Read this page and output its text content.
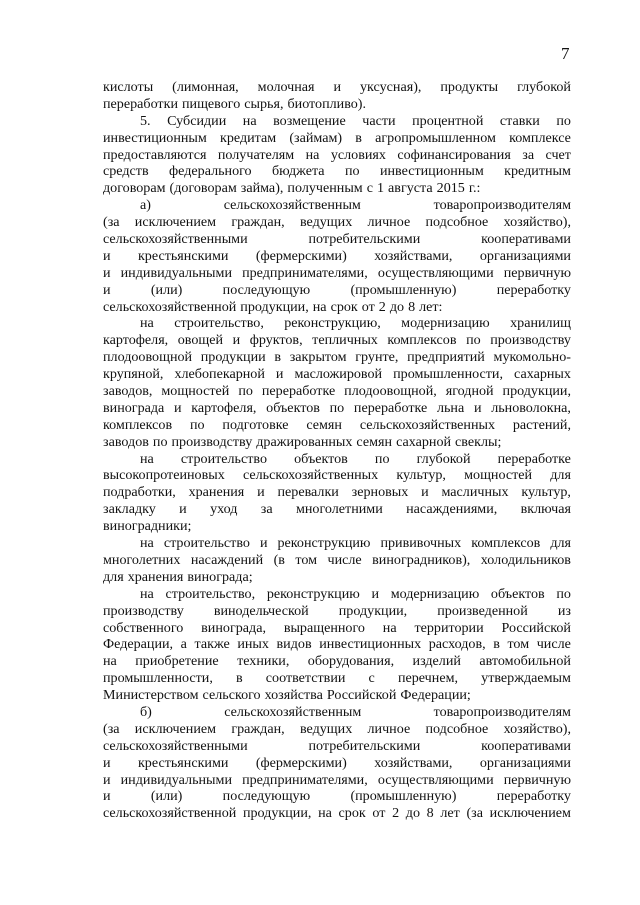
7
кислоты (лимонная, молочная и уксусная), продукты глубокой
переработки пищевого сырья, биотопливо).
5. Субсидии на возмещение части процентной ставки по
инвестиционным кредитам (займам) в агропромышленном комплексе
предоставляются получателям на условиях софинансирования за счет
средств федерального бюджета по инвестиционным кредитным
договорам (договорам займа), полученным с 1 августа 2015 г.:
а)	сельскохозяйственным	товаропроизводителям
(за исключением граждан, ведущих личное подсобное хозяйство),
сельскохозяйственными	потребительскими	кооперативами
и крестьянскими (фермерскими) хозяйствами, организациями
и индивидуальными предпринимателями, осуществляющими первичную
и	(или)	последующую	(промышленную)	переработку
сельскохозяйственной продукции, на срок от 2 до 8 лет:
на строительство, реконструкцию, модернизацию хранилищ
картофеля, овощей и фруктов, тепличных комплексов по производству
плодоовощной продукции в закрытом грунте, предприятий мукомольно-
крупяной, хлебопекарной и масложировой промышленности, сахарных
заводов, мощностей по переработке плодоовощной, ягодной продукции,
винограда и картофеля, объектов по переработке льна и льноволокна,
комплексов по подготовке семян сельскохозяйственных растений,
заводов по производству дражированных семян сахарной свеклы;
на строительство объектов по глубокой переработке
высокопротеиновых сельскохозяйственных культур, мощностей для
подработки, хранения и перевалки зерновых и масличных культур,
закладку и уход за многолетними насаждениями, включая
виноградники;
на строительство и реконструкцию прививочных комплексов для
многолетних насаждений (в том числе виноградников), холодильников
для хранения винограда;
на строительство, реконструкцию и модернизацию объектов по
производству винодельческой продукции, произведенной из
собственного винограда, выращенного на территории Российской
Федерации, а также иных видов инвестиционных расходов, в том числе
на приобретение техники, оборудования, изделий автомобильной
промышленности, в соответствии с перечнем, утверждаемым
Министерством сельского хозяйства Российской Федерации;
б)	сельскохозяйственным	товаропроизводителям
(за исключением граждан, ведущих личное подсобное хозяйство),
сельскохозяйственными	потребительскими	кооперативами
и крестьянскими (фермерскими) хозяйствами, организациями
и индивидуальными предпринимателями, осуществляющими первичную
и	(или)	последующую	(промышленную)	переработку
сельскохозяйственной продукции, на срок от 2 до 8 лет (за исключением
